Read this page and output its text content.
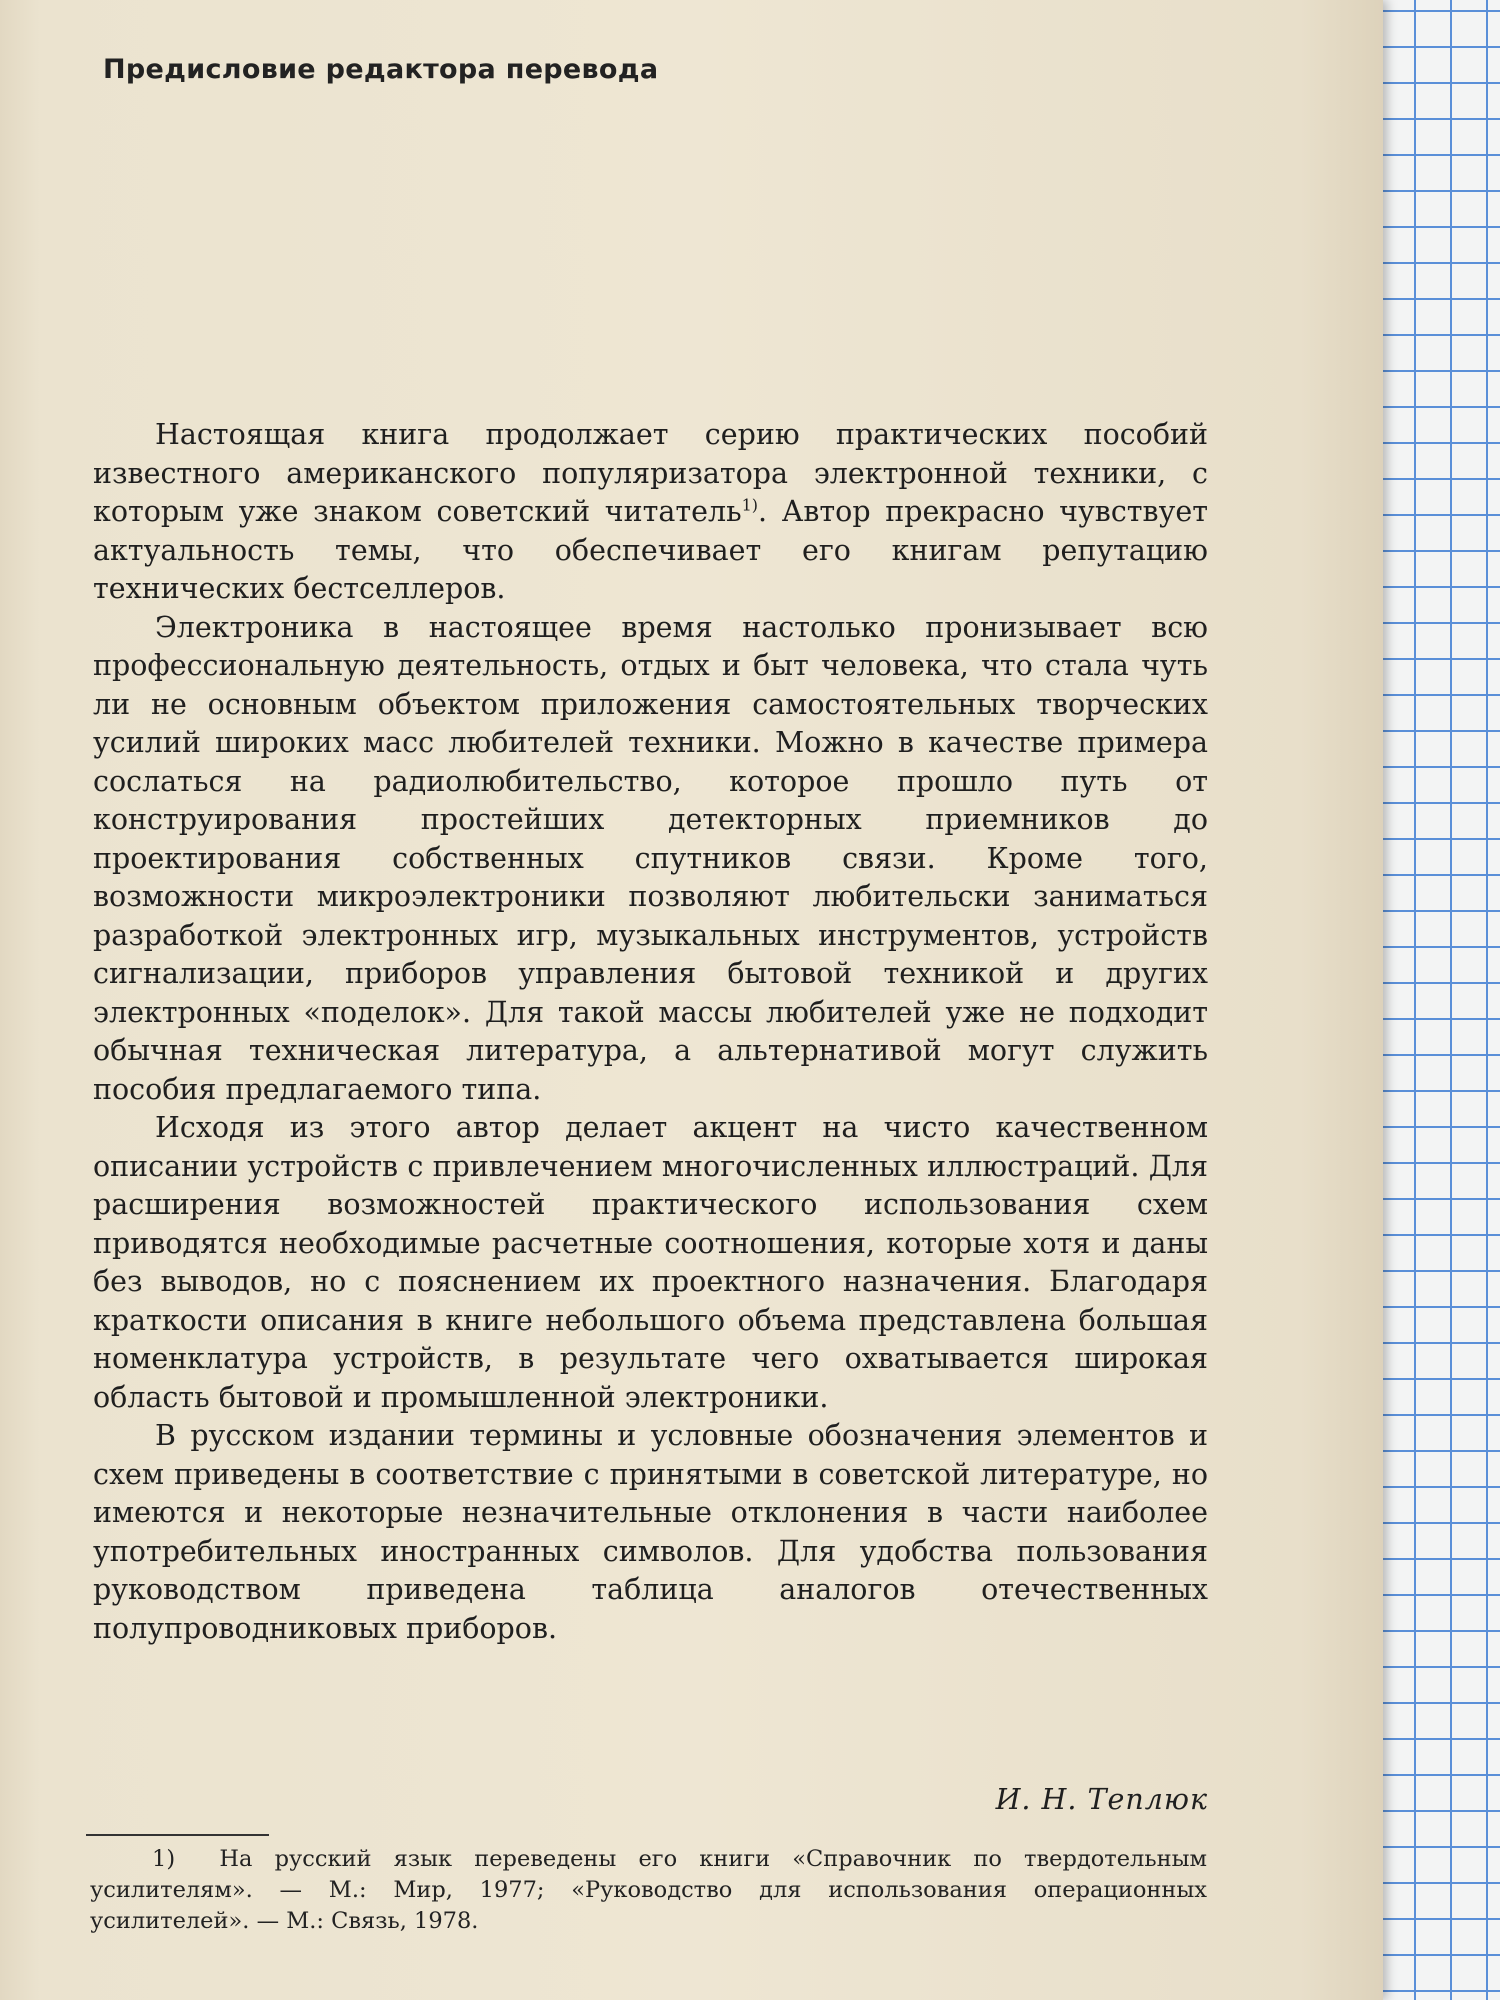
Предисловие редактора перевода

Настоящая книга продолжает серию практических пособий известного американского популяризатора электронной техники, с которым уже знаком советский читатель$^{1)}$. Автор прекрасно чувствует актуальность темы, что обеспечивает его книгам репутацию технических бестселлеров.

Электроника в настоящее время настолько пронизывает всю профессиональную деятельность, отдых и быт человека, что стала чуть ли не основным объектом приложения самостоятельных творческих усилий широких масс любителей техники. Можно в качестве примера сослаться на радиолюбительство, которое прошло путь от конструирования простейших детекторных приемников до проектирования собственных спутников связи. Кроме того, возможности микроэлектроники позволяют любительски заниматься разработкой электронных игр, музыкальных инструментов, устройств сигнализации, приборов управления бытовой техникой и других электронных «поделок». Для такой массы любителей уже не подходит обычная техническая литература, а альтернативой могут служить пособия предлагаемого типа.

Исходя из этого автор делает акцент на чисто качественном описании устройств с привлечением многочисленных иллюстраций. Для расширения возможностей практического использования схем приводятся необходимые расчетные соотношения, которые хотя и даны без выводов, но с пояснением их проектного назначения. Благодаря краткости описания в книге небольшого объема представлена большая номенклатура устройств, в результате чего охватывается широкая область бытовой и промышленной электроники.

В русском издании термины и условные обозначения элементов и схем приведены в соответствие с принятыми в советской литературе, но имеются и некоторые незначительные отклонения в части наиболее употребительных иностранных символов. Для удобства пользования руководством приведена таблица аналогов отечественных полупроводниковых приборов.

И. Н. Теплюк

1) На русский язык переведены его книги «Справочник по твердотельным усилителям». — М.: Мир, 1977; «Руководство для использования операционных усилителей». — М.: Связь, 1978.
